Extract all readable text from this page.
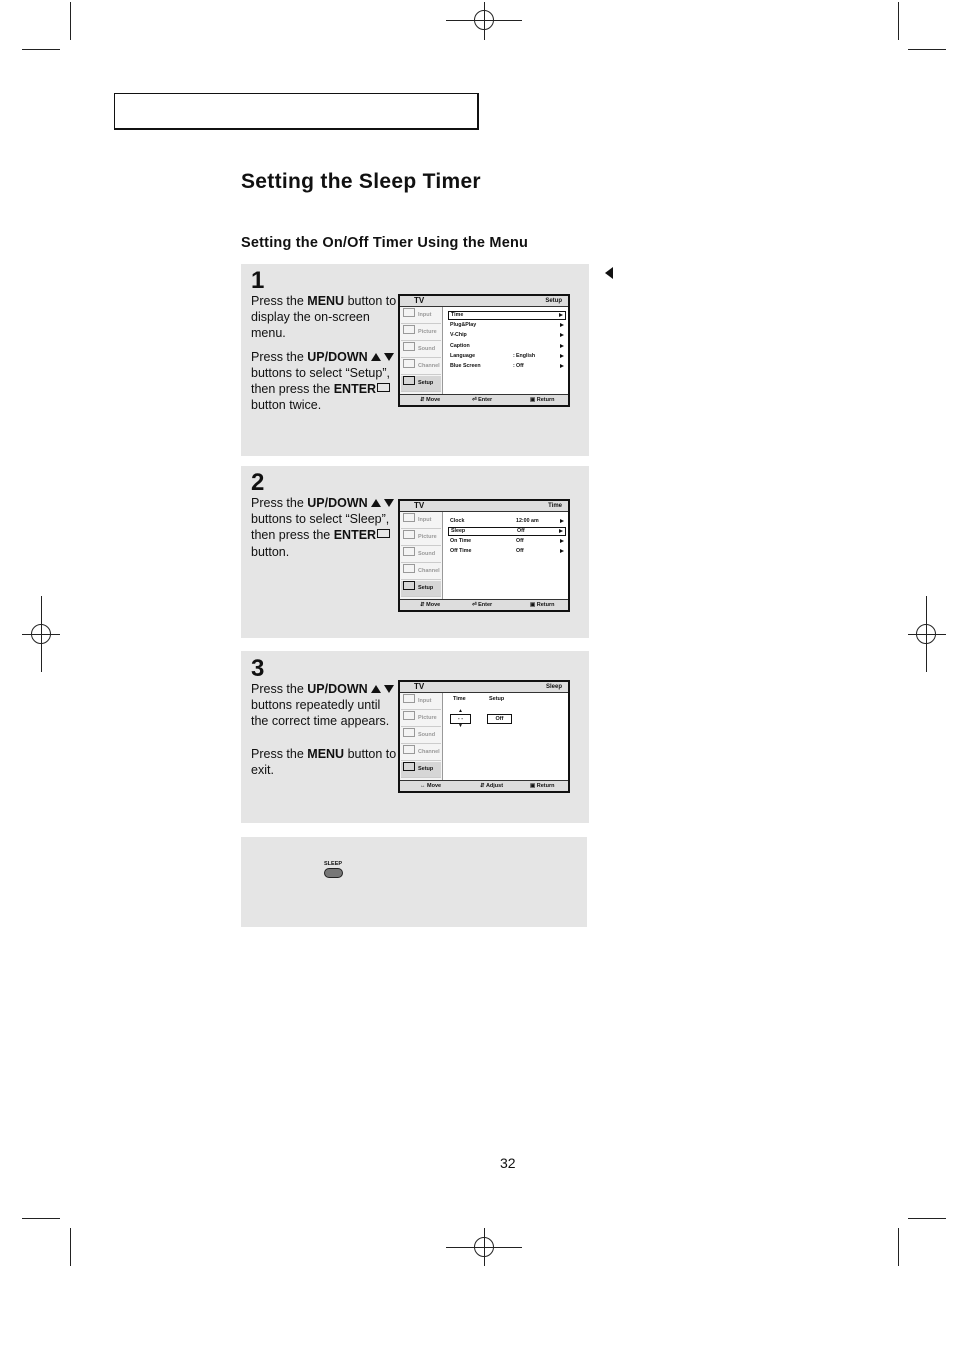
Setting the Sleep Timer
Setting the On/Off Timer Using the Menu
1

Press the MENU button to display the on-screen menu.

Press the UP/DOWN buttons to select “Setup”, then press the ENTER button twice.

TV	Setup
Input
Picture
Sound
Channel
Setup
Time
Plug&Play
V-Chip
Caption
Language	: English
Blue Screen	: Off
⇵ Move	⏎ Enter	▣ Return
2

Press the UP/DOWN buttons to select “Sleep”, then press the ENTER button.

TV	Time
Input
Picture
Sound
Channel
Setup
Clock	12:00 am
Sleep	Off
On Time	Off
Off Time	Off
⇵ Move	⏎ Enter	▣ Return
3

Press the UP/DOWN buttons repeatedly until the correct time appears.

Press the MENU button to exit.

TV	Sleep
Input
Picture
Sound
Channel
Setup
Time	Setup
▲
- -
▼
Off
↔ Move	⇵ Adjust	▣ Return
SLEEP
32
